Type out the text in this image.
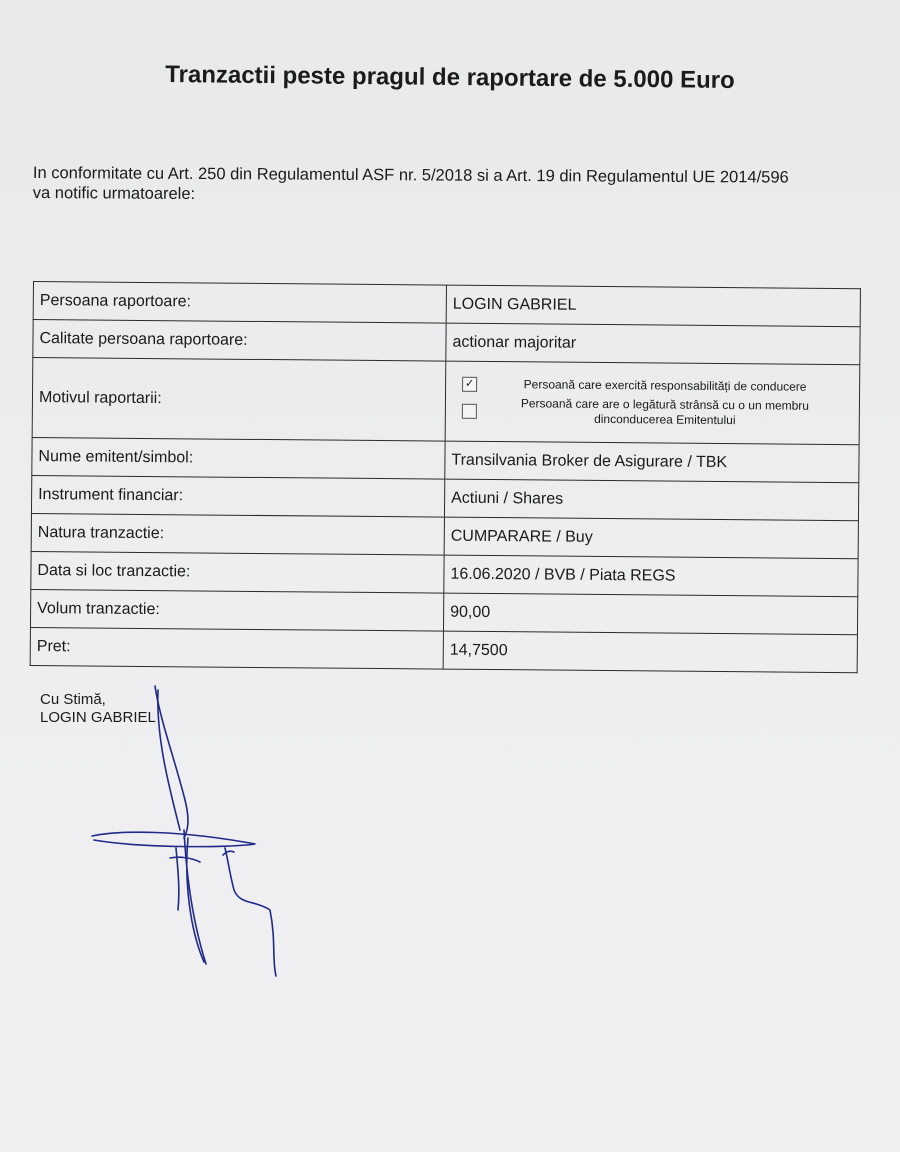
Tranzactii peste pragul de raportare de 5.000 Euro
In conformitate cu Art. 250 din Regulamentul ASF nr. 5/2018 si a Art. 19 din Regulamentul UE 2014/596
va notific urmatoarele:
Persoana raportoare:	LOGIN GABRIEL
Calitate persoana raportoare:	actionar majoritar
Motivul raportarii:	✓ Persoană care exercită responsabilități de conducere
Persoană care are o legătură strânsă cu o un membru
dinconducerea Emitentului

Nume emitent/simbol:	Transilvania Broker de Asigurare / TBK
Instrument financiar:	Actiuni / Shares
Natura tranzactie:	CUMPARARE / Buy
Data si loc tranzactie:	16.06.2020 / BVB / Piata REGS
Volum tranzactie:	90,00
Pret:	14,7500
Cu Stimă,
LOGIN GABRIEL
